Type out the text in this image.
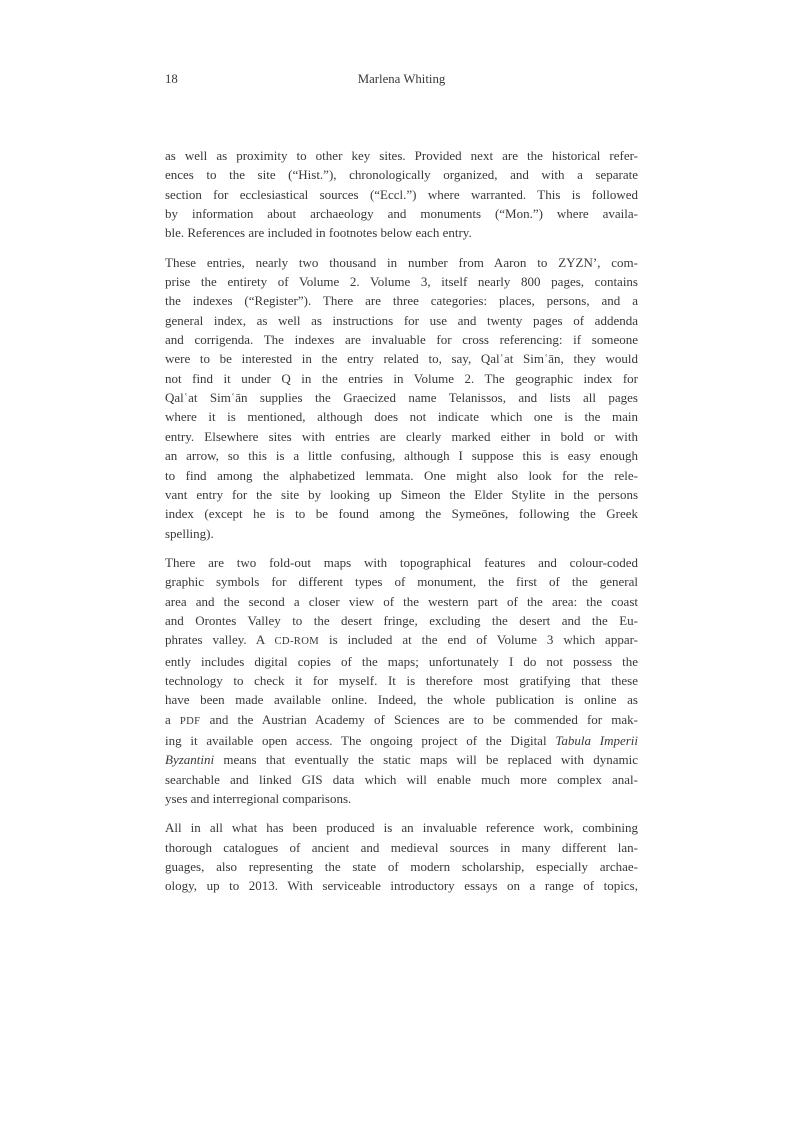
18	Marlena Whiting
as well as proximity to other key sites. Provided next are the historical refer-
ences to the site (“Hist.”), chronologically organized, and with a separate
section for ecclesiastical sources (“Eccl.”) where warranted. This is followed
by information about archaeology and monuments (“Mon.”) where availa-
ble. References are included in footnotes below each entry.
These entries, nearly two thousand in number from Aaron to ZYZN’, com-
prise the entirety of Volume 2. Volume 3, itself nearly 800 pages, contains
the indexes (“Register”). There are three categories: places, persons, and a
general index, as well as instructions for use and twenty pages of addenda
and corrigenda. The indexes are invaluable for cross referencing: if someone
were to be interested in the entry related to, say, Qalʿat Simʿān, they would
not find it under Q in the entries in Volume 2. The geographic index for
Qalʿat Simʿān supplies the Graecized name Telanissos, and lists all pages
where it is mentioned, although does not indicate which one is the main
entry. Elsewhere sites with entries are clearly marked either in bold or with
an arrow, so this is a little confusing, although I suppose this is easy enough
to find among the alphabetized lemmata. One might also look for the rele-
vant entry for the site by looking up Simeon the Elder Stylite in the persons
index (except he is to be found among the Symeōnes, following the Greek
spelling).
There are two fold-out maps with topographical features and colour-coded
graphic symbols for different types of monument, the first of the general
area and the second a closer view of the western part of the area: the coast
and Orontes Valley to the desert fringe, excluding the desert and the Eu-
phrates valley. A CD-ROM is included at the end of Volume 3 which appar-
ently includes digital copies of the maps; unfortunately I do not possess the
technology to check it for myself. It is therefore most gratifying that these
have been made available online. Indeed, the whole publication is online as
a PDF and the Austrian Academy of Sciences are to be commended for mak-
ing it available open access. The ongoing project of the Digital Tabula Imperii
Byzantini means that eventually the static maps will be replaced with dynamic
searchable and linked GIS data which will enable much more complex anal-
yses and interregional comparisons.
All in all what has been produced is an invaluable reference work, combining
thorough catalogues of ancient and medieval sources in many different lan-
guages, also representing the state of modern scholarship, especially archae-
ology, up to 2013. With serviceable introductory essays on a range of topics,
